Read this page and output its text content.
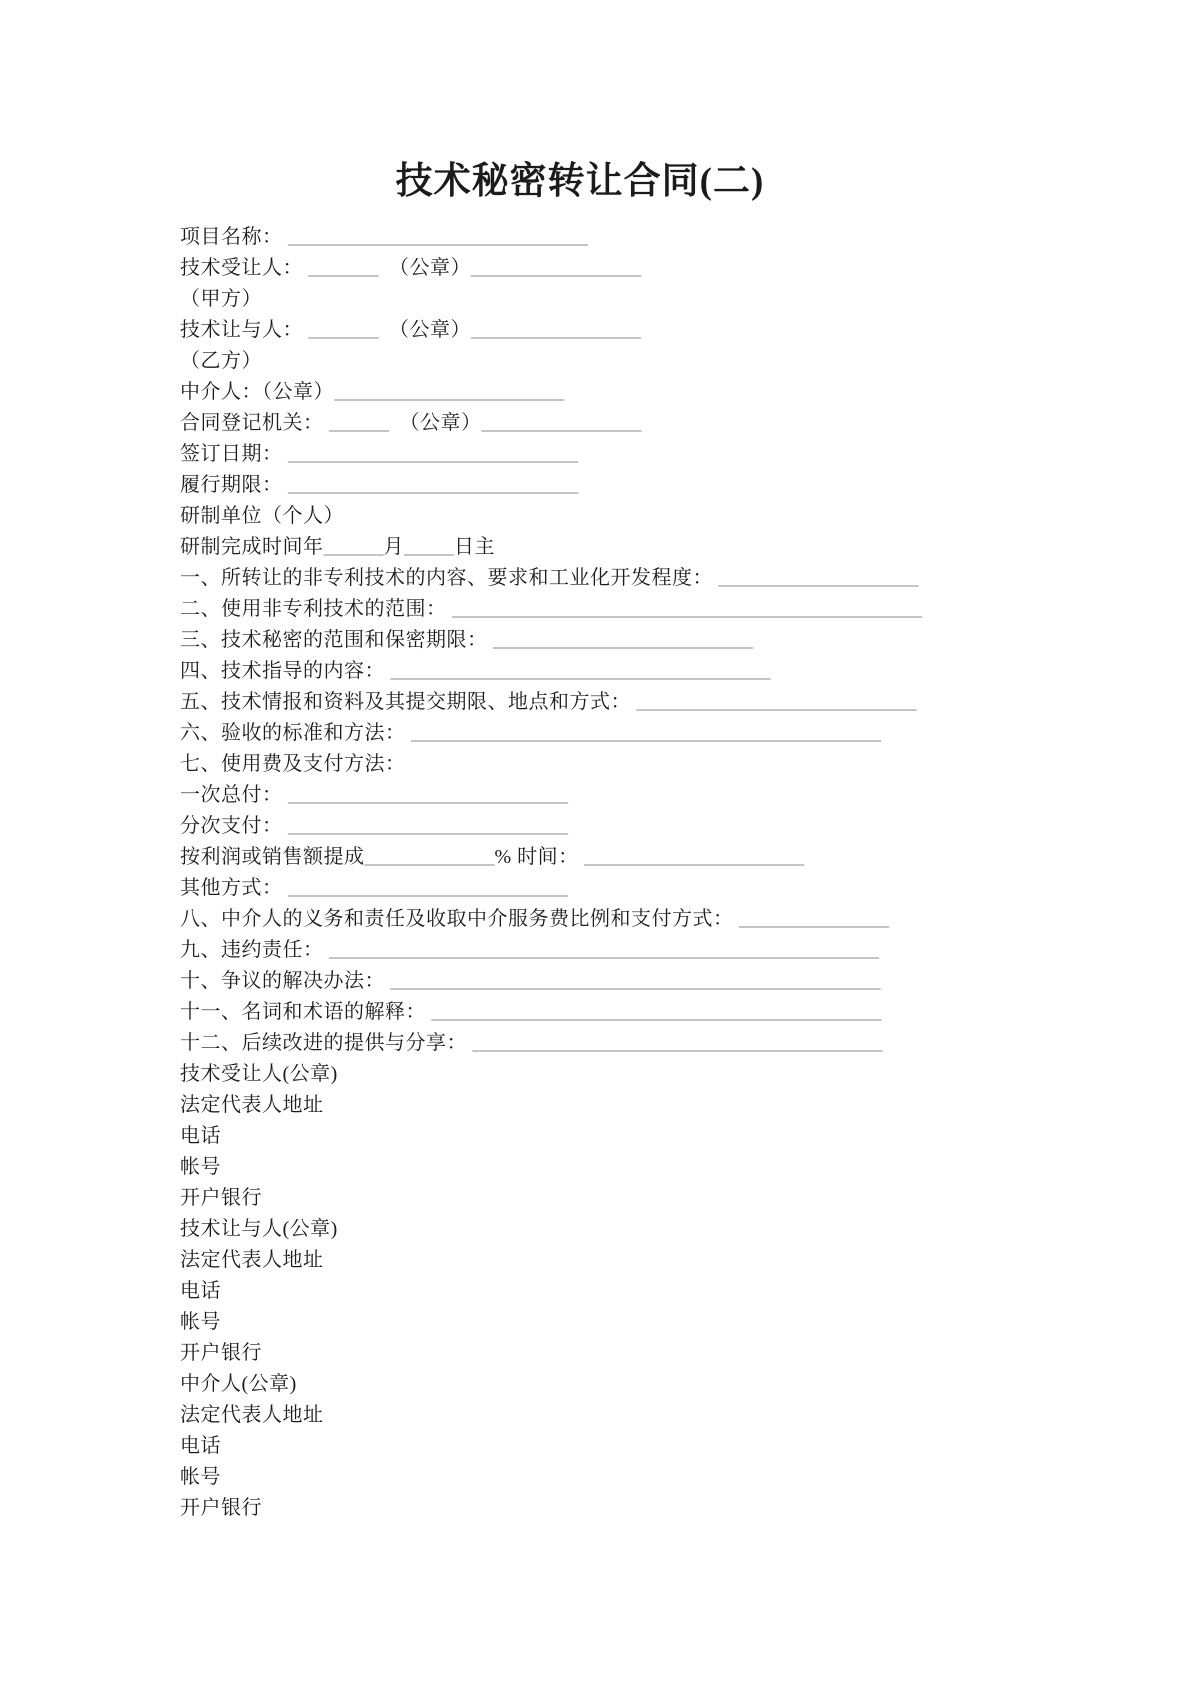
技术秘密转让合同(二)
项目名称： ______________________________
技术受让人： _______　（公章）_________________
（甲方）
技术让与人： _______　（公章）_________________
（乙方）
中介人：（公章）_______________________
合同登记机关： ______　（公章）________________
签订日期： _____________________________
履行期限： _____________________________
研制单位（个人）
研制完成时间年______月_____日主
一、所转让的非专利技术的内容、要求和工业化开发程度： ____________________
二、使用非专利技术的范围： _______________________________________________
三、技术秘密的范围和保密期限： __________________________
四、技术指导的内容： ______________________________________
五、技术情报和资料及其提交期限、地点和方式： ____________________________
六、验收的标准和方法： _______________________________________________
七、使用费及支付方法：
一次总付： ____________________________
分次支付： ____________________________
按利润或销售额提成_____________% 时间： ______________________
其他方式： ____________________________
八、中介人的义务和责任及收取中介服务费比例和支付方式： _______________
九、违约责任： _______________________________________________________
十、争议的解决办法： _________________________________________________
十一、名词和术语的解释： _____________________________________________
十二、后续改进的提供与分享： _________________________________________
技术受让人(公章)
法定代表人地址
电话
帐号
开户银行
技术让与人(公章)
法定代表人地址
电话
帐号
开户银行
中介人(公章)
法定代表人地址
电话
帐号
开户银行
